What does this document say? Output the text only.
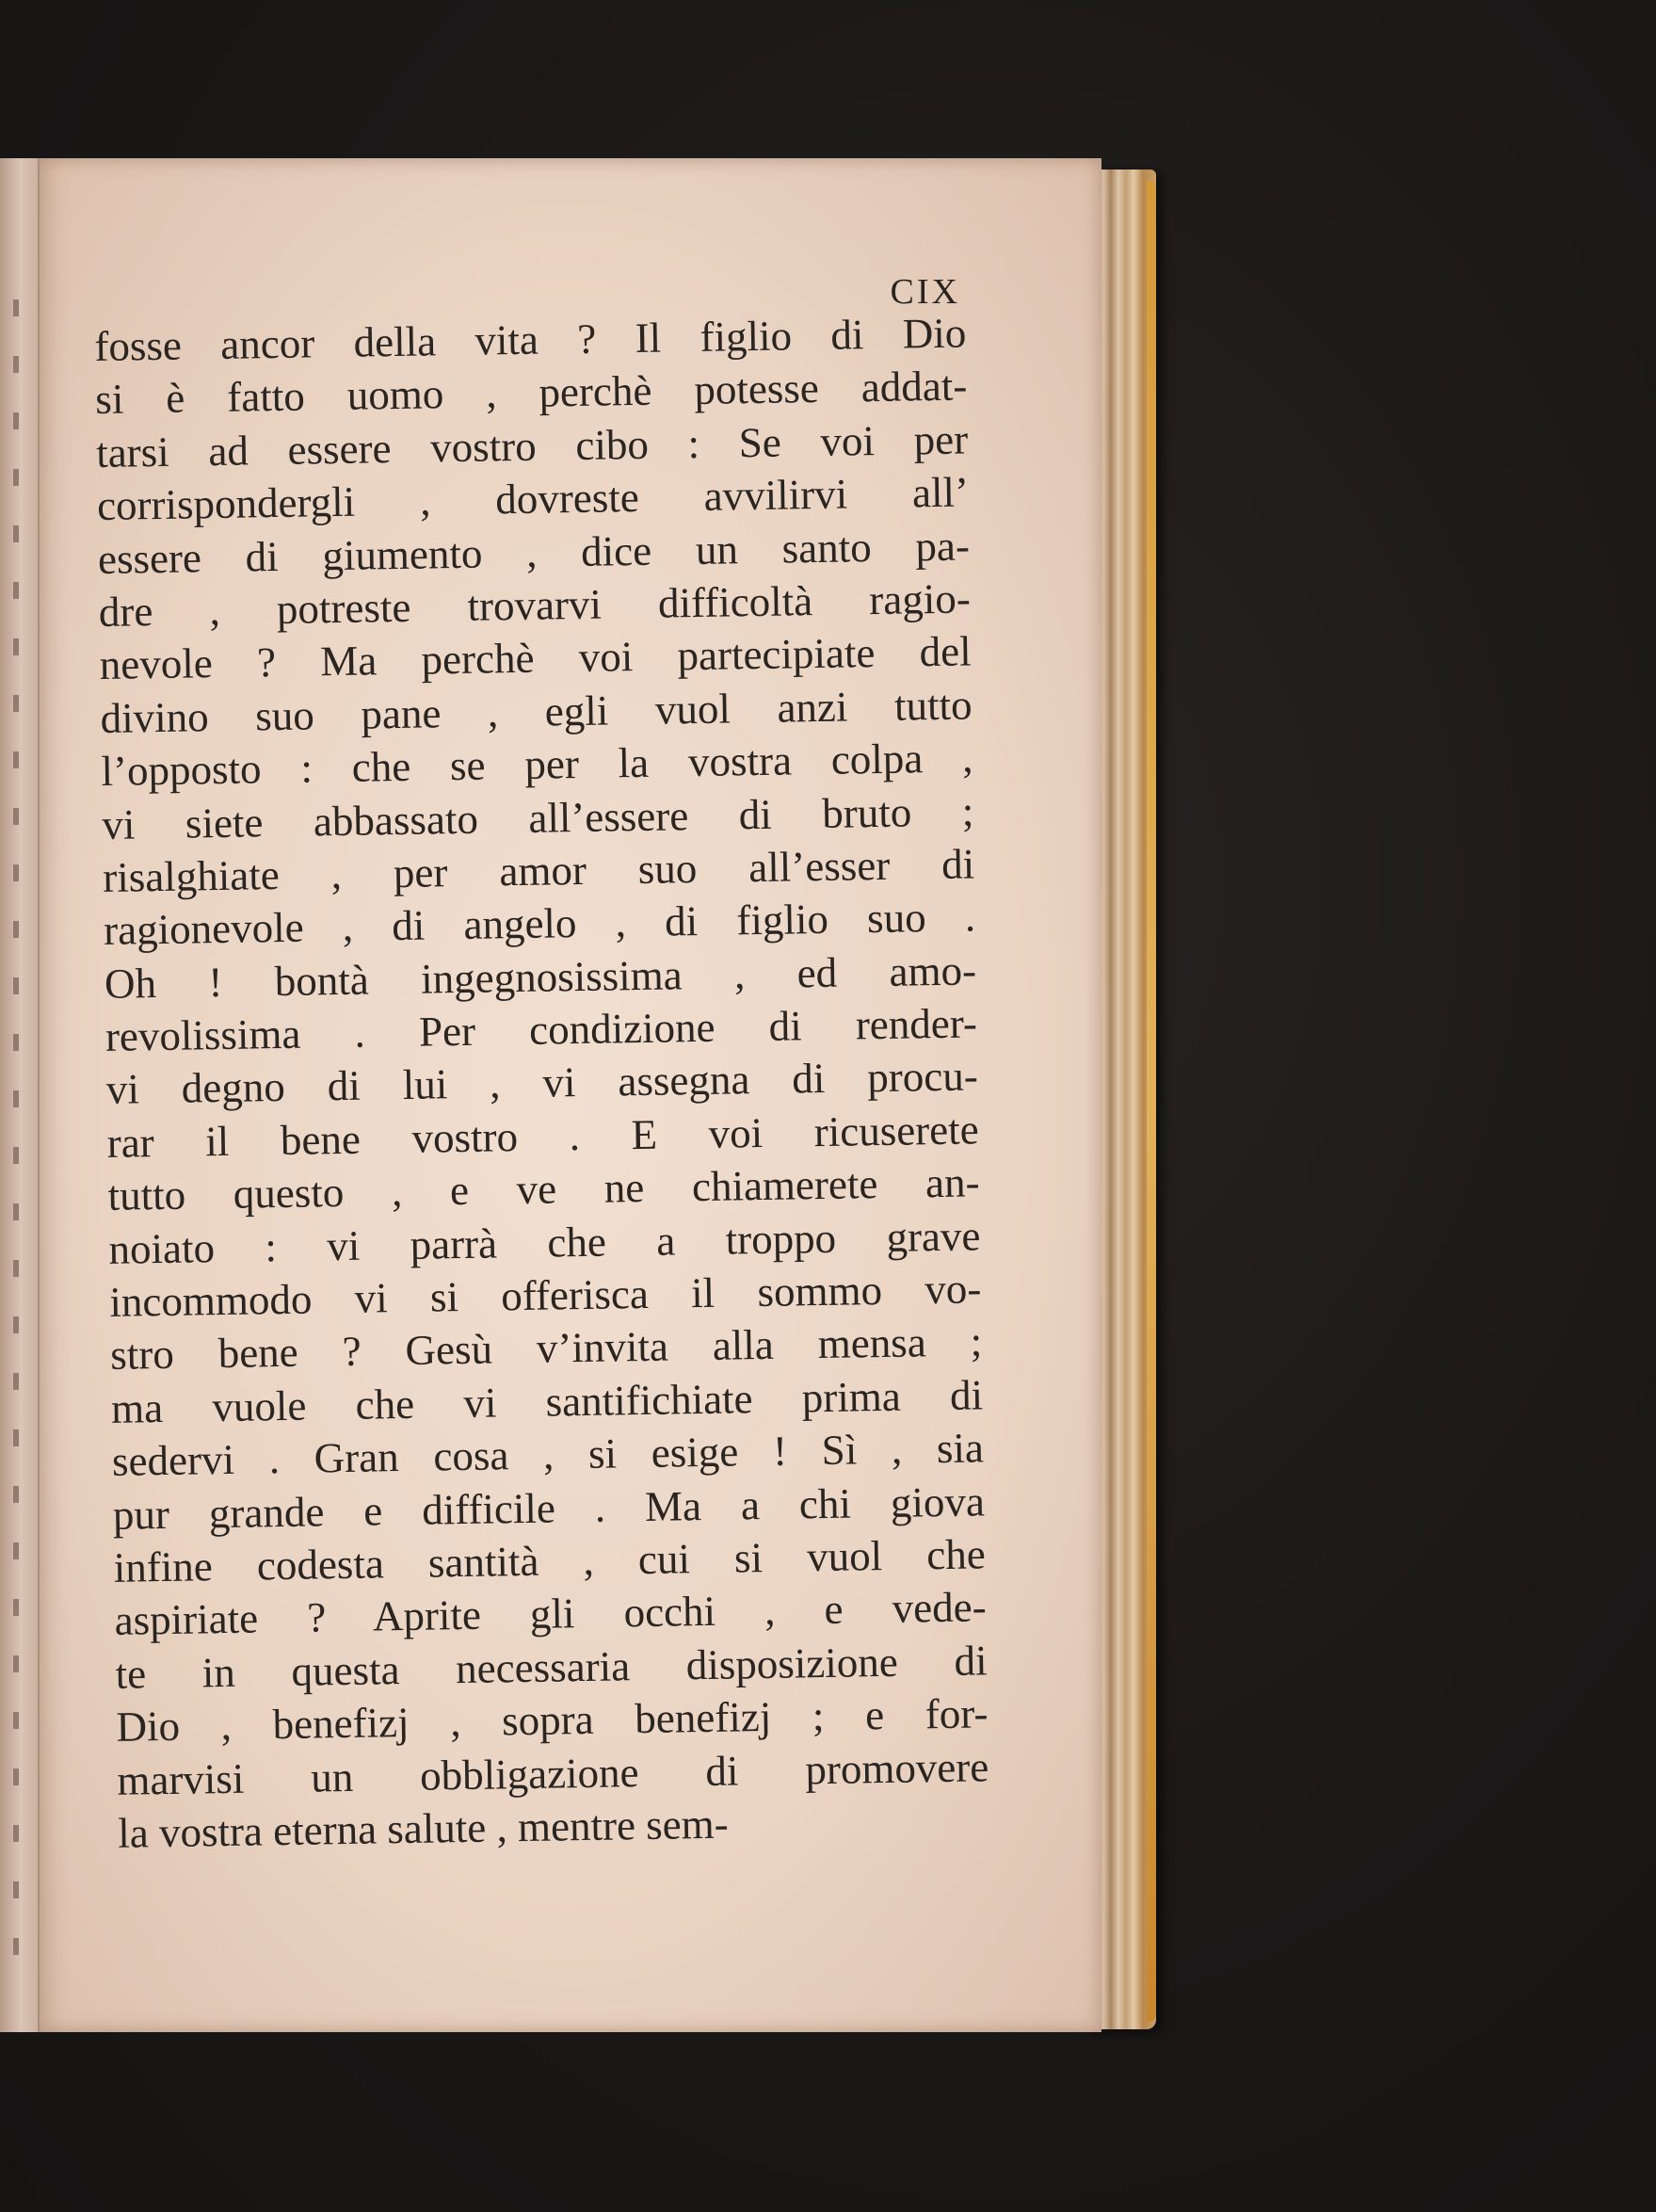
CIX
fosse ancor della vita ? Il figlio di Dio
si è fatto uomo , perchè potesse addat-
tarsi ad essere vostro cibo : Se voi per
corrispondergli , dovreste avvilirvi all’
essere di giumento , dice un santo pa-
dre , potreste trovarvi difficoltà ragio-
nevole ? Ma perchè voi partecipiate del
divino suo pane , egli vuol anzi tutto
l’opposto : che se per la vostra colpa ,
vi siete abbassato all’essere di bruto ;
risalghiate , per amor suo all’esser di
ragionevole , di angelo , di figlio suo .
Oh ! bontà ingegnosissima , ed amo-
revolissima . Per condizione di render-
vi degno di lui , vi assegna di procu-
rar il bene vostro . E voi ricuserete
tutto questo , e ve ne chiamerete an-
noiato : vi parrà che a troppo grave
incommodo vi si offerisca il sommo vo-
stro bene ? Gesù v’invita alla mensa ;
ma vuole che vi santifichiate prima di
sedervi . Gran cosa , si esige ! Sì , sia
pur grande e difficile . Ma a chi giova
infine codesta santità , cui si vuol che
aspiriate ? Aprite gli occhi , e vede-
te in questa necessaria disposizione di
Dio , benefizj , sopra benefizj ; e for-
marvisi un obbligazione di promovere
la vostra eterna salute , mentre sem-
